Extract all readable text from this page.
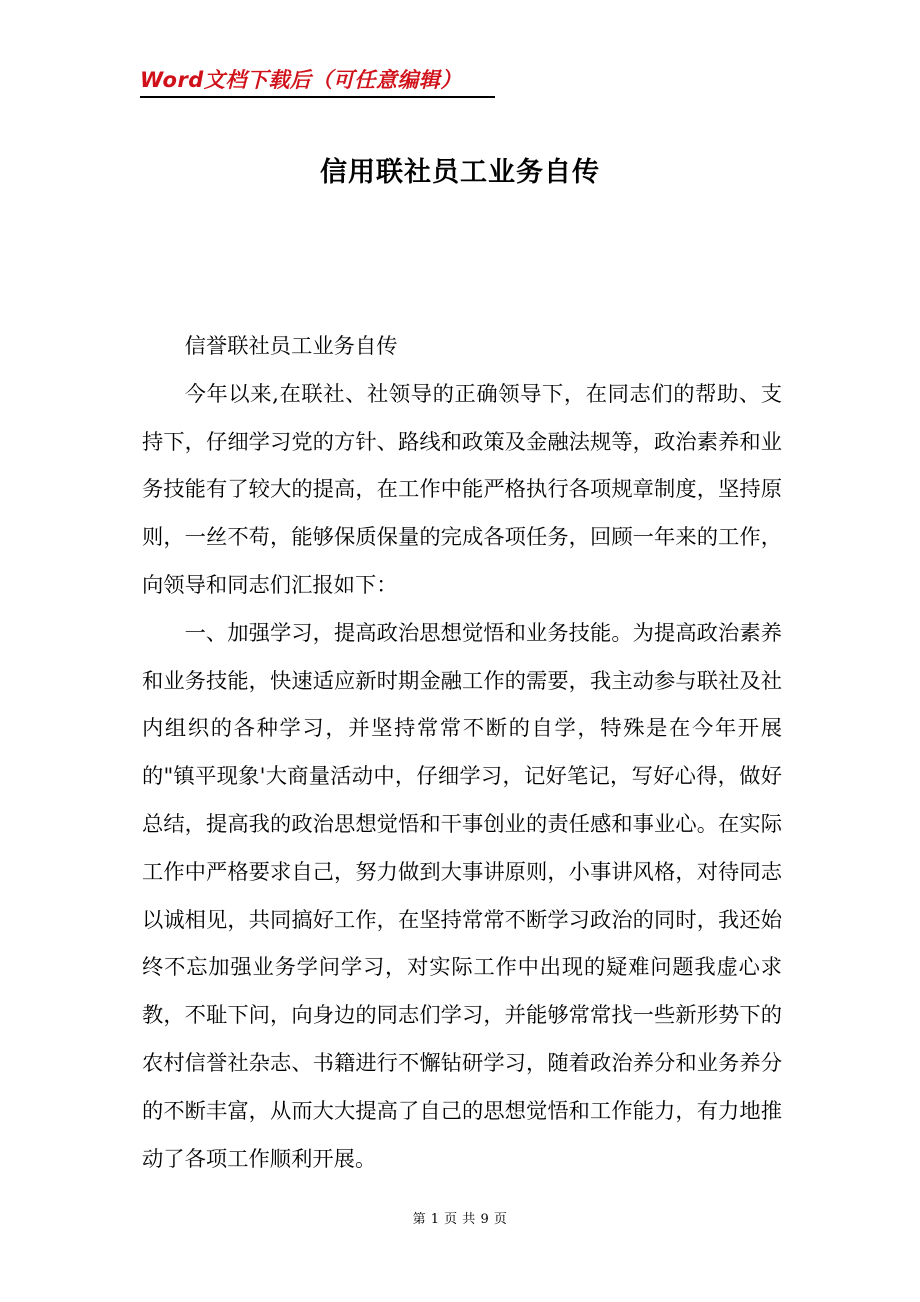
Word文档下载后（可任意编辑）
信用联社员工业务自传

信誉联社员工业务自传

今年以来,在联社、社领导的正确领导下，在同志们的帮助、支持下，仔细学习党的方针、路线和政策及金融法规等，政治素养和业务技能有了较大的提高，在工作中能严格执行各项规章制度，坚持原则，一丝不苟，能够保质保量的完成各项任务，回顾一年来的工作，向领导和同志们汇报如下：

一、加强学习，提高政治思想觉悟和业务技能。为提高政治素养和业务技能，快速适应新时期金融工作的需要，我主动参与联社及社内组织的各种学习，并坚持常常不断的自学，特殊是在今年开展的"镇平现象'大商量活动中，仔细学习，记好笔记，写好心得，做好总结，提高我的政治思想觉悟和干事创业的责任感和事业心。在实际工作中严格要求自己，努力做到大事讲原则，小事讲风格，对待同志以诚相见，共同搞好工作，在坚持常常不断学习政治的同时，我还始终不忘加强业务学问学习，对实际工作中出现的疑难问题我虚心求教，不耻下问，向身边的同志们学习，并能够常常找一些新形势下的农村信誉社杂志、书籍进行不懈钻研学习，随着政治养分和业务养分的不断丰富，从而大大提高了自己的思想觉悟和工作能力，有力地推动了各项工作顺利开展。

第 1 页 共 9 页
